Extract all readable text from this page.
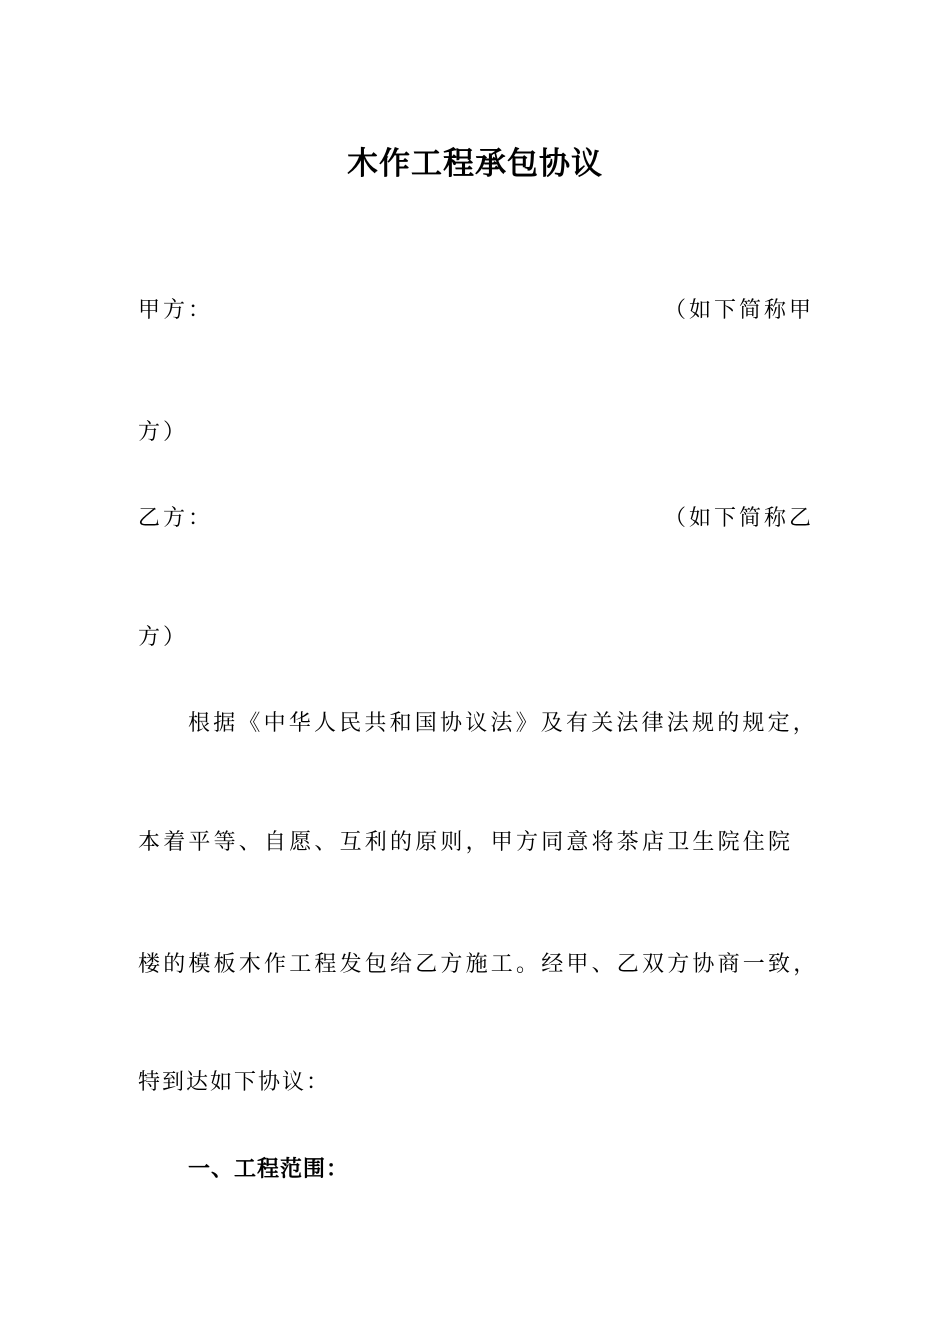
木作工程承包协议
甲方：	（如下简称甲
方）
乙方：	（如下简称乙
方）
根据《中华人民共和国协议法》及有关法律法规的规定，
本着平等、自愿、互利的原则，甲方同意将茶店卫生院住院
楼的模板木作工程发包给乙方施工。经甲、乙双方协商一致，
特到达如下协议：
一、工程范围：
